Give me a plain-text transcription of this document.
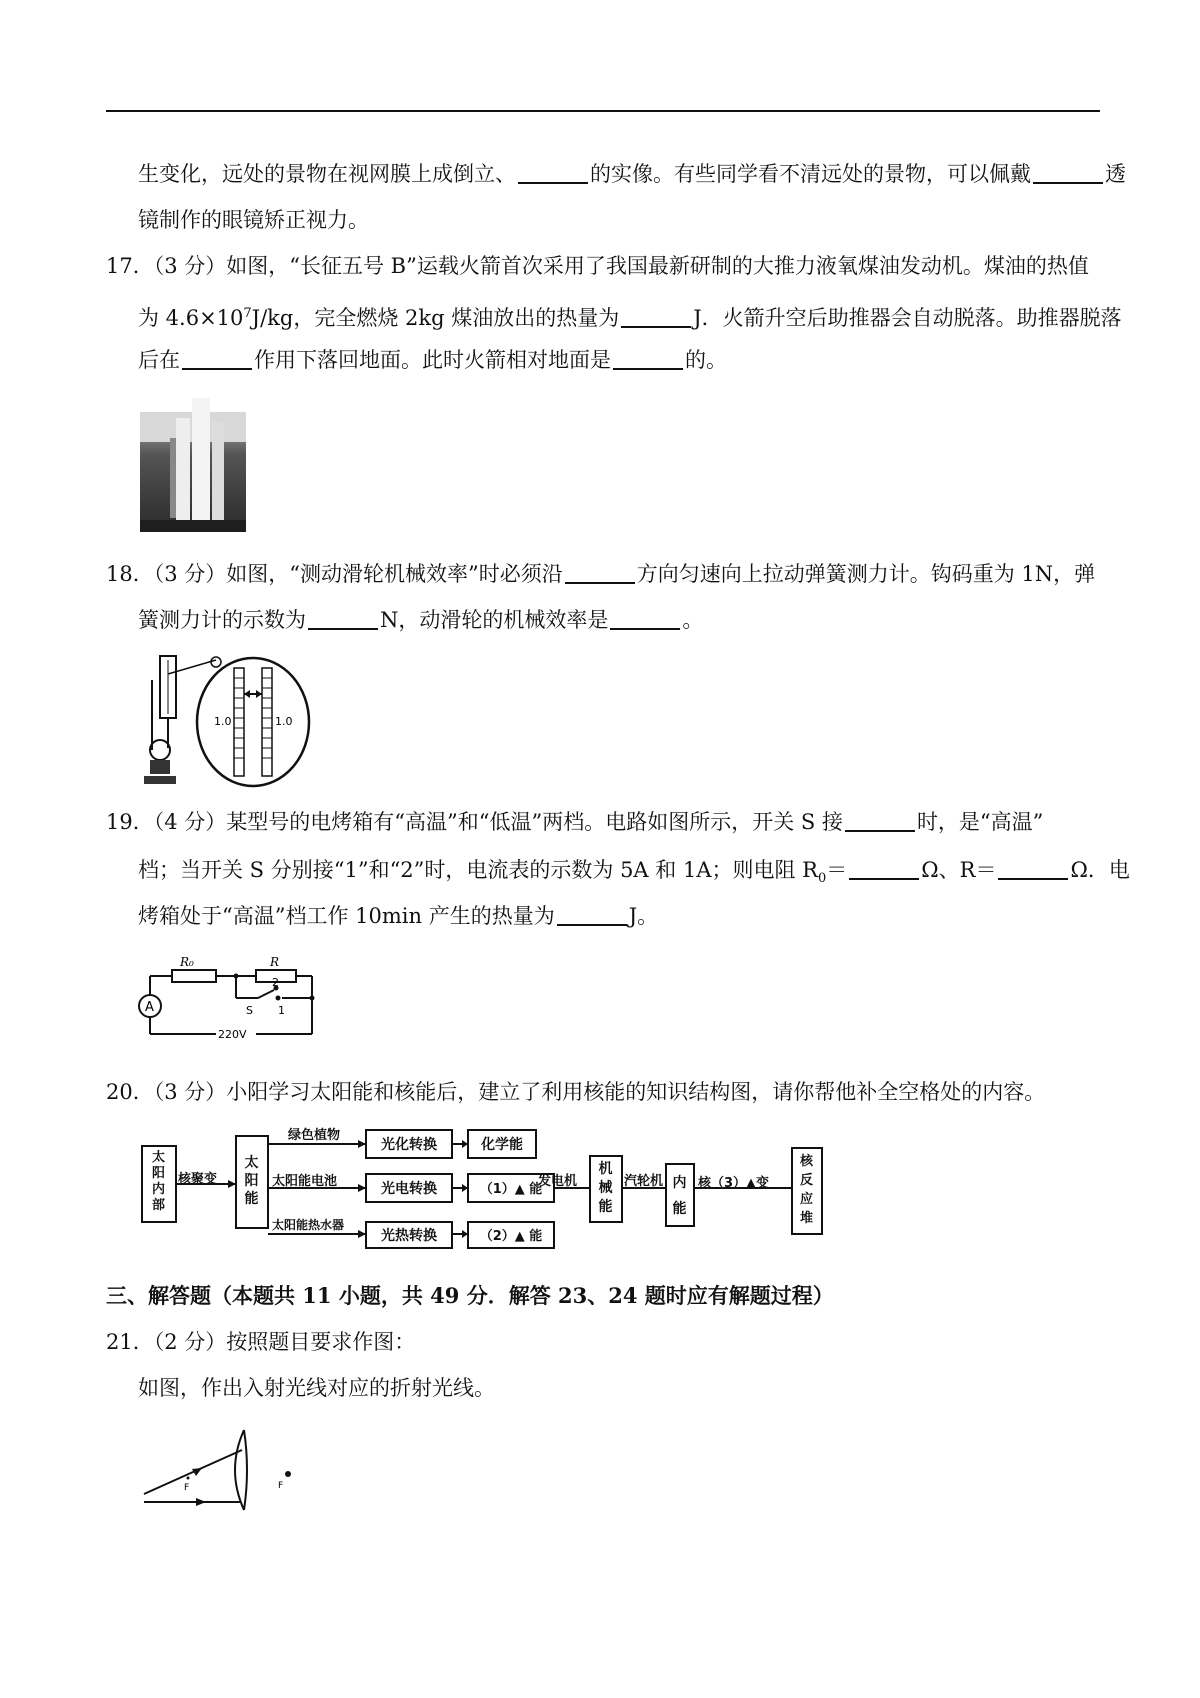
生变化，远处的景物在视网膜上成倒立、	的实像。有些同学看不清远处的景物，可以佩戴	透
镜制作的眼镜矫正视力。
17．（3 分）如图，“长征五号 B”运载火箭首次采用了我国最新研制的大推力液氧煤油发动机。煤油的热值
为 $4.6\times 10^7J/kg$，完全燃烧 2kg 煤油放出的热量为	J．火箭升空后助推器会自动脱落。助推器脱落
后在	作用下落回地面。此时火箭相对地面是	的。
18．（3 分）如图，“测动滑轮机械效率”时必须沿	方向匀速向上拉动弹簧测力计。钩码重为 1N，弹
簧测力计的示数为	N，动滑轮的机械效率是	。
1.0	1.0
19．（4 分）某型号的电烤箱有“高温”和“低温”两档。电路如图所示，开关 S 接	时，是“高温”
档；当开关 S 分别接“1”和“2”时，电流表的示数为 5A 和 1A；则电阻 $R_0=$	Ω、R＝	Ω．电
烤箱处于“高温”档工作 10min 产生的热量为	J。
A
R₀	R
2
S 1
220V
20．（3 分）小阳学习太阳能和核能后，建立了利用核能的知识结构图，请你帮他补全空格处的内容。
太阳内部
核聚变
太阳能
绿色植物
太阳能电池
太阳能热水器
光化转换	化学能
光电转换	（1）▲ 能
光热转换	（2）▲ 能
发电机
机械能
汽轮机 内能
核（3）▲变
核反应堆
三、解答题（本题共 11 小题，共 49 分．解答 23、24 题时应有解题过程）
21．（2 分）按照题目要求作图：
如图，作出入射光线对应的折射光线。
F	F
